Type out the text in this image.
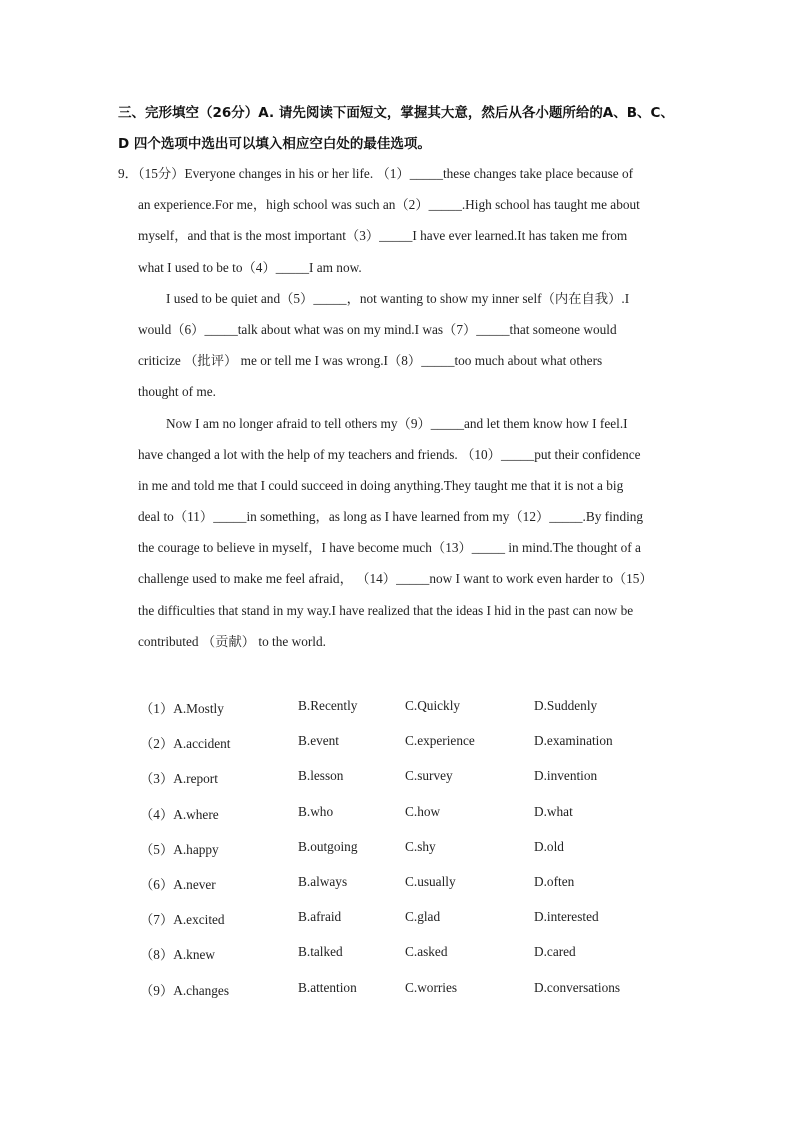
三、完形填空（26分）A. 请先阅读下面短文，掌握其大意，然后从各小题所给的A、B、C、D 四个选项中选出可以填入相应空白处的最佳选项。
9．（15分）Everyone changes in his or her life. （1）_____these changes take place because of
an experience.For me，high school was such an（2）_____.High school has taught me about
myself，and that is the most important（3）_____I have ever learned.It has taken me from
what I used to be to（4）_____I am now.
I used to be quiet and（5）_____，not wanting to show my inner self（内在自我）.I
would（6）_____talk about what was on my mind.I was（7）_____that someone would
criticize （批评） me or tell me I was wrong.I（8）_____too much about what others
thought of me.
Now I am no longer afraid to tell others my（9）_____and let them know how I feel.I
have changed a lot with the help of my teachers and friends. （10）_____put their confidence
in me and told me that I could succeed in doing anything.They taught me that it is not a big
deal to（11）_____in something，as long as I have learned from my（12）_____.By finding
the courage to believe in myself，I have become much（13）_____ in mind.The thought of a
challenge used to make me feel afraid， （14）_____now I want to work even harder to（15）
the difficulties that stand in my way.I have realized that the ideas I hid in the past can now be
contributed （贡献） to the world.
（1）A.Mostly	B.Recently	C.Quickly	D.Suddenly
（2）A.accident	B.event	C.experience	D.examination
（3）A.report	B.lesson	C.survey	D.invention
（4）A.where	B.who	C.how	D.what
（5）A.happy	B.outgoing	C.shy	D.old
（6）A.never	B.always	C.usually	D.often
（7）A.excited	B.afraid	C.glad	D.interested
（8）A.knew	B.talked	C.asked	D.cared
（9）A.changes	B.attention	C.worries	D.conversations
